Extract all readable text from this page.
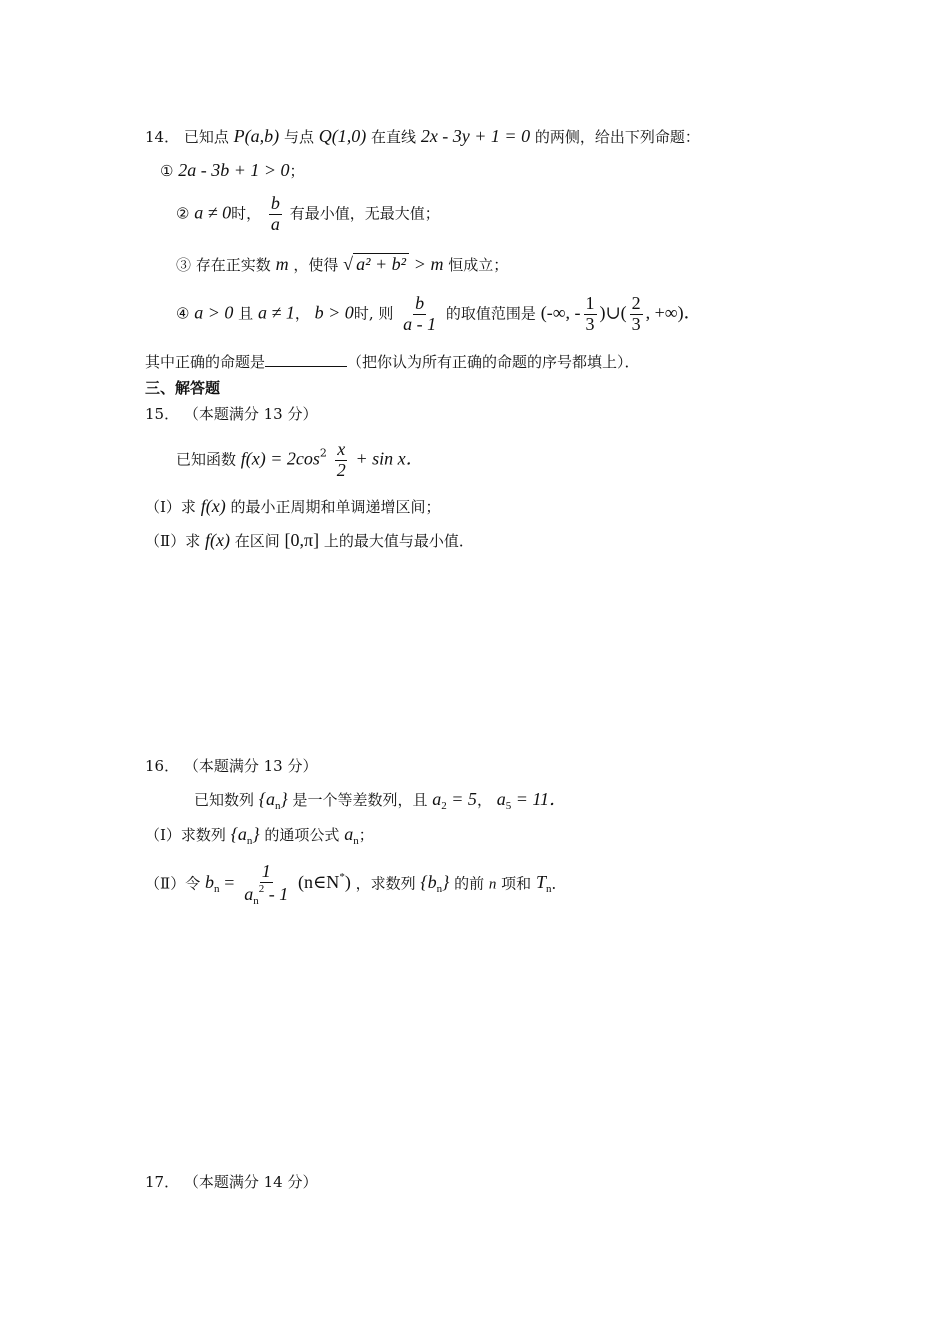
14． 已知点 P(a,b) 与点 Q(1,0) 在直线 2x - 3y + 1 = 0 的两侧，给出下列命题：
① 2a - 3b + 1 > 0；
② a ≠ 0时， $\frac{b}{a}$ 有最小值，无最大值；
③ 存在正实数 m ，使得 √ a² + b² > m 恒成立；
④ a > 0 且 a ≠ 1， b > 0时, 则 $\frac{b}{a - 1}$ 的取值范围是 (-∞, - $\frac{1}{3}$ )∪( $\frac{2}{3}$ , +∞)．
其中正确的命题是	（把你认为所有正确的命题的序号都填上）．
三、解答题
15． （本题满分 13 分）
已知函数 $f(x) = 2\cos^2 \frac{x}{2} + \sin x$．
（Ⅰ）求 f(x) 的最小正周期和单调递增区间；
（Ⅱ）求 f(x) 在区间 [0,π] 上的最大值与最小值．
16． （本题满分 13 分）
已知数列 $\{a_n\}$ 是一个等差数列，且 $a_2 = 5$， $a_5 = 11$．
（Ⅰ）求数列 $\{a_n\}$ 的通项公式 $a_n$；
（Ⅱ）令 $b_n = \frac{1}{a_n^2 - 1}$ (n∈N*) ，求数列 $\{b_n\}$ 的前 n 项和 $T_n$．
17． （本题满分 14 分）
